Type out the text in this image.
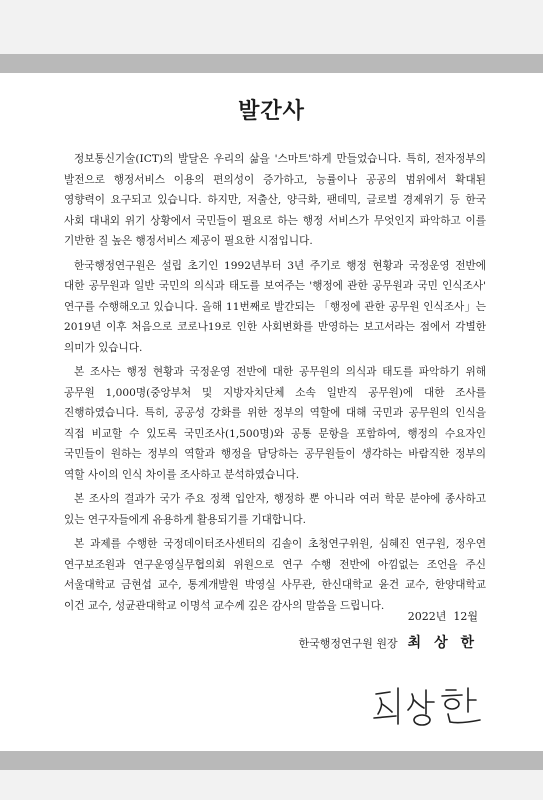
발간사

정보통신기술(ICT)의 발달은 우리의 삶을 '스마트'하게 만들었습니다. 특히, 전자정부의 발전으로 행정서비스 이용의 편의성이 증가하고, 능률이나 공공의 범위에서 확대된 영향력이 요구되고 있습니다. 하지만, 저출산, 양극화, 팬데믹, 글로벌 경제위기 등 한국 사회 대내외 위기 상황에서 국민들이 필요로 하는 행정 서비스가 무엇인지 파악하고 이를 기반한 질 높은 행정서비스 제공이 필요한 시점입니다.

한국행정연구원은 설립 초기인 1992년부터 3년 주기로 행정 현황과 국정운영 전반에 대한 공무원과 일반 국민의 의식과 태도를 보여주는 '행정에 관한 공무원과 국민 인식조사' 연구를 수행해오고 있습니다. 올해 11번째로 발간되는 「행정에 관한 공무원 인식조사」는 2019년 이후 처음으로 코로나19로 인한 사회변화를 반영하는 보고서라는 점에서 각별한 의미가 있습니다.

본 조사는 행정 현황과 국정운영 전반에 대한 공무원의 의식과 태도를 파악하기 위해 공무원 1,000명(중앙부처 및 지방자치단체 소속 일반직 공무원)에 대한 조사를 진행하였습니다. 특히, 공공성 강화를 위한 정부의 역할에 대해 국민과 공무원의 인식을 직접 비교할 수 있도록 국민조사(1,500명)와 공통 문항을 포함하여, 행정의 수요자인 국민들이 원하는 정부의 역할과 행정을 담당하는 공무원들이 생각하는 바람직한 정부의 역할 사이의 인식 차이를 조사하고 분석하였습니다.

본 조사의 결과가 국가 주요 정책 입안자, 행정하 뿐 아니라 여러 학문 분야에 종사하고 있는 연구자들에게 유용하게 활용되기를 기대합니다.

본 과제를 수행한 국정데이터조사센터의 김솔이 초청연구위원, 심혜진 연구원, 정우연 연구보조원과 연구운영실무협의회 위원으로 연구 수행 전반에 아낌없는 조언을 주신 서울대학교 금현섭 교수, 통계개발원 박영실 사무관, 한신대학교 윤건 교수, 한양대학교 이건 교수, 성균관대학교 이명석 교수께 깊은 감사의 말씀을 드립니다.

2022년  12월
한국행정연구원 원장 최 상 한
